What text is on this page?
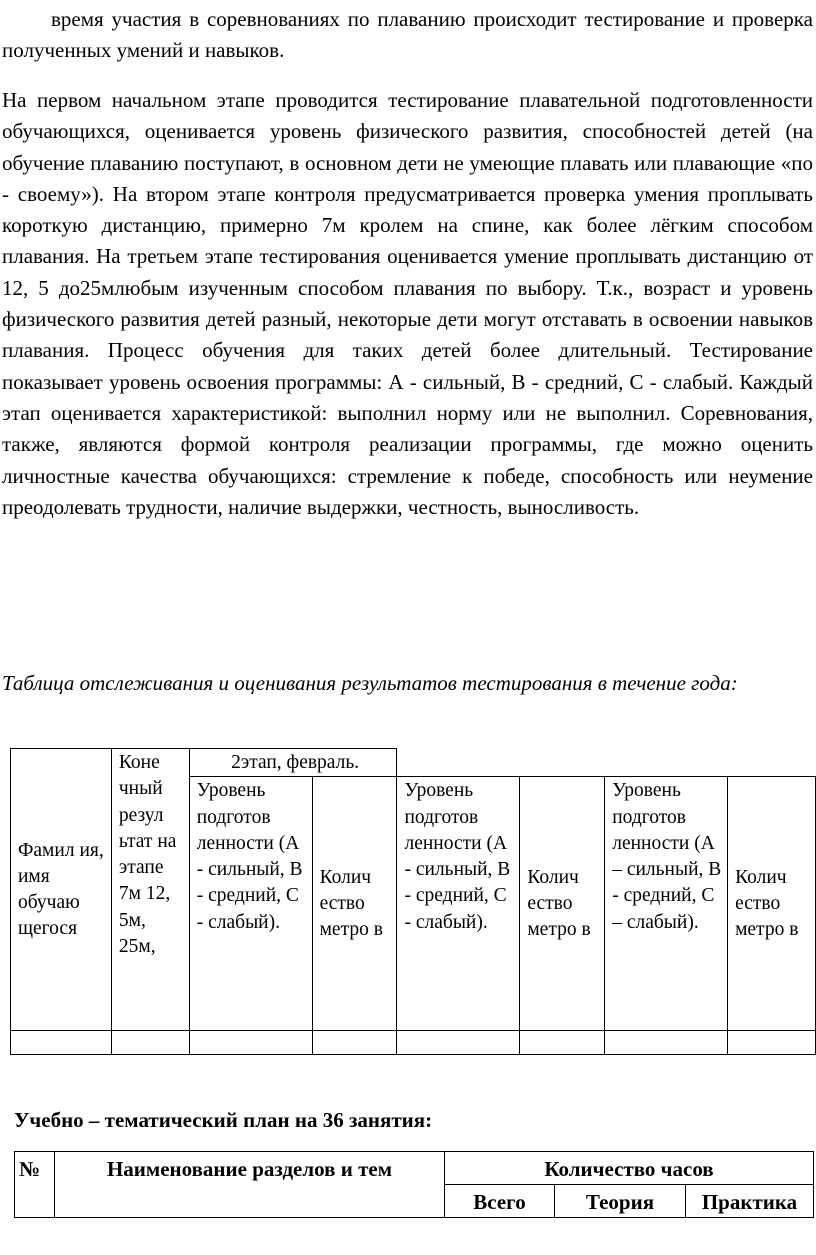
время участия в соревнованиях по плаванию происходит тестирование и проверка полученных умений и навыков.

На первом начальном этапе проводится тестирование плавательной подготовленности обучающихся, оценивается уровень физического развития, способностей детей (на обучение плаванию поступают, в основном дети не умеющие плавать или плавающие «по - своему»). На втором этапе контроля предусматривается проверка умения проплывать короткую дистанцию, примерно 7м кролем на спине, как более лёгким способом плавания. На третьем этапе тестирования оценивается умение проплывать дистанцию от 12, 5 до25млюбым изученным способом плавания по выбору. Т.к., возраст и уровень физического развития детей разный, некоторые дети могут отставать в освоении навыков плавания. Процесс обучения для таких детей более длительный. Тестирование показывает уровень освоения программы: А - сильный, В - средний, С - слабый. Каждый этап оценивается характеристикой: выполнил норму или не выполнил. Соревнования, также, являются формой контроля реализации программы, где можно оценить личностные качества обучающихся: стремление к победе, способность или неумение преодолевать трудности, наличие выдержки, честность, выносливость.

Таблица отслеживания и оценивания результатов тестирования в течение года:

Фамил ия, имя обучаю щегося	Коне чный резул ьтат на этапе 7м 12, 5м, 25м,	2этап, февраль.					
		Уровень подготов ленности (А - сильный, В - средний, С - слабый).	Колич ество метро в	Уровень подготов ленности (А - сильный, В - средний, С - слабый).	Колич ество метро в	Уровень подготов ленности (А – сильный, В - средний, С – слабый).	Колич ество метро в

Учебно – тематический план на 36 занятия:

№	Наименование разделов и тем	Количество часов		
		Всего	Теория	Практика
